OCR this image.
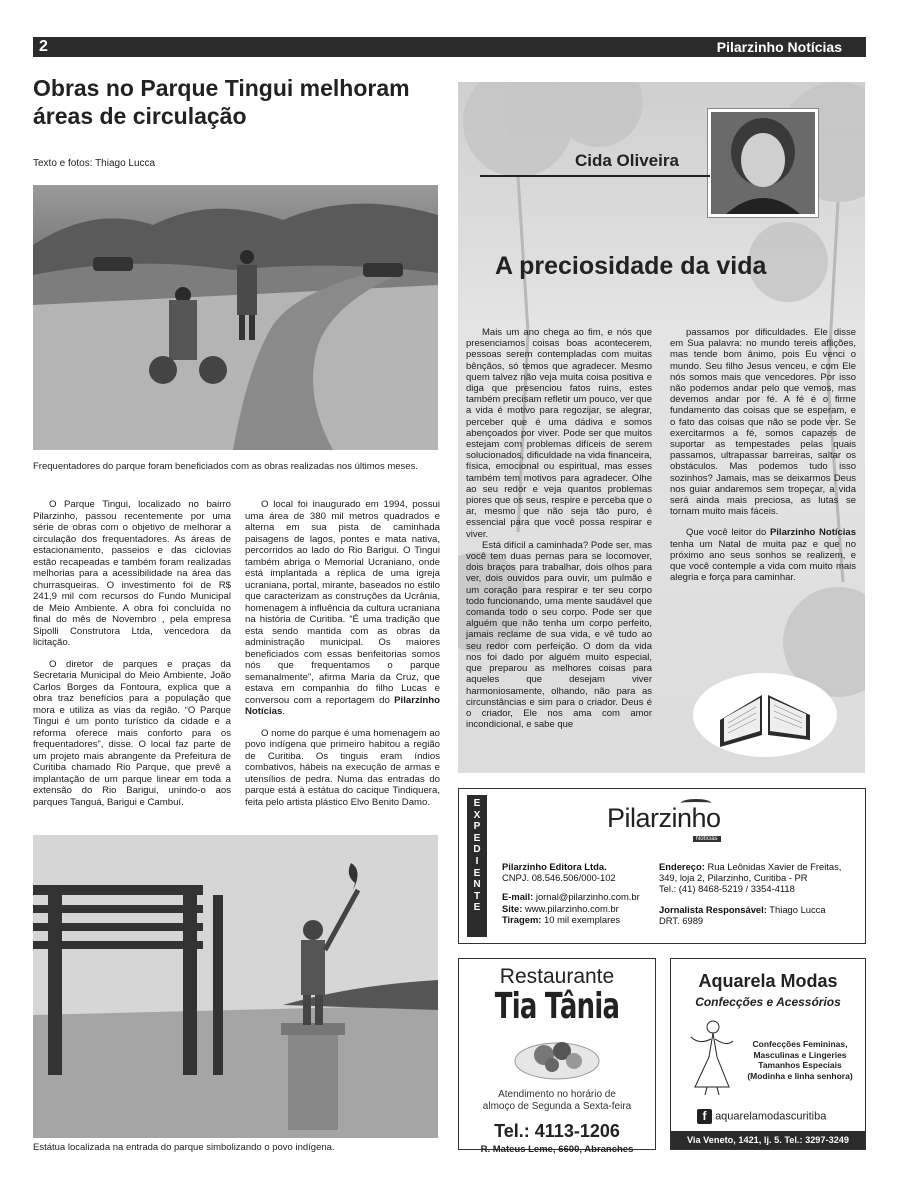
2	Pilarzinho Notícias
Obras no Parque Tingui melhoram áreas de circulação
Texto e fotos: Thiago Lucca
Frequentadores do parque foram beneficiados com as obras realizadas nos últimos meses.

O Parque Tingui, localizado no bairro Pilarzinho, passou recentemente por uma série de obras com o objetivo de melhorar a circulação dos frequentadores. As áreas de estacionamento, passeios e das ciclovias estão recapeadas e também foram realizadas melhorias para a acessibilidade na área das churrasqueiras. O investimento foi de R$ 241,9 mil com recursos do Fundo Municipal de Meio Ambiente. A obra foi concluída no final do mês de Novembro , pela empresa Sipolli Construtora Ltda, vencedora da licitação.

O diretor de parques e praças da Secretaria Municipal do Meio Ambiente, João Carlos Borges da Fontoura, explica que a obra traz benefícios para a população que mora e utiliza as vias da região. “O Parque Tingui é um ponto turístico da cidade e a reforma oferece mais conforto para os frequentadores”, disse. O local faz parte de um projeto mais abrangente da Prefeitura de Curitiba chamado Rio Parque, que prevê a implantação de um parque linear em toda a extensão do Rio Barigui, unindo-o aos parques Tanguá, Barigui e Cambuí.

O local foi inaugurado em 1994, possui uma área de 380 mil metros quadrados e alterna em sua pista de caminhada paisagens de lagos, pontes e mata nativa, percorridos ao lado do Rio Barigui. O Tingui também abriga o Memorial Ucraniano, onde está implantada a réplica de uma igreja ucraniana, portal, mirante, baseados no estilo que caracterizam as construções da Ucrânia, homenagem à influência da cultura ucraniana na história de Curitiba. “É uma tradição que esta sendo mantida com as obras da administração municipal. Os maiores beneficiados com essas benfeitorias somos nós que frequentamos o parque semanalmente”, afirma Maria da Cruz, que estava em companhia do filho Lucas e conversou com a reportagem do Pilarzinho Notícias.

O nome do parque é uma homenagem ao povo indígena que primeiro habitou a região de Curitiba. Os tinguis eram índios combativos, hábeis na execução de armas e utensílios de pedra. Numa das entradas do parque está à estátua do cacique Tindiquera, feita pelo artista plástico Elvo Benito Damo.

Estátua localizada na entrada do parque simbolizando o povo indígena.
Cida Oliveira
A preciosidade da vida

Mais um ano chega ao fim, e nós que presenciamos coisas boas acontecerem, pessoas serem contempladas com muitas bênçãos, só temos que agradecer. Mesmo quem talvez não veja muita coisa positiva e diga que presenciou fatos ruins, estes também precisam refletir um pouco, ver que a vida é motivo para regozijar, se alegrar, perceber que é uma dádiva e somos abençoados por viver. Pode ser que muitos estejam com problemas difíceis de serem solucionados, dificuldade na vida financeira, física, emocional ou espiritual, mas esses também tem motivos para agradecer. Olhe ao seu redor e veja quantos problemas piores que os seus, respire e perceba que o ar, mesmo que não seja tão puro, é essencial para que você possa respirar e viver.

Está difícil a caminhada? Pode ser, mas você tem duas pernas para se locomover, dois braços para trabalhar, dois olhos para ver, dois ouvidos para ouvir, um pulmão e um coração para respirar e ter seu corpo todo funcionando, uma mente saudável que comanda todo o seu corpo. Pode ser que alguém que não tenha um corpo perfeito, jamais reclame de sua vida, e vê tudo ao seu redor com perfeição. O dom da vida nos foi dado por alguém muito especial, que preparou as melhores coisas para aqueles que desejam viver harmoniosamente, olhando, não para as circunstâncias e sim para o criador. Deus é o criador, Ele nos ama com amor incondicional, e sabe que

passamos por dificuldades. Ele disse em Sua palavra: no mundo tereis aflições, mas tende bom ânimo, pois Eu venci o mundo. Seu filho Jesus venceu, e com Ele nós somos mais que vencedores. Por isso não podemos andar pelo que vemos, mas devemos andar por fé. A fé é o firme fundamento das coisas que se esperam, e o fato das coisas que não se pode ver. Se exercitarmos a fé, somos capazes de suportar as tempestades pelas quais passamos, ultrapassar barreiras, saltar os obstáculos. Mas podemos tudo isso sozinhos? Jamais, mas se deixarmos Deus nos guiar andaremos sem tropeçar, a vida será ainda mais preciosa, as lutas se tornam muito mais fáceis.

Que você leitor do Pilarzinho Notícias tenha um Natal de muita paz e que no próximo ano seus sonhos se realizem, e que você contemple a vida com muito mais alegria e força para caminhar.

E
X
P
E
D
I
E
N
T
E
Pilarzinho
Notícias
Pilarzinho Editora Ltda.
CNPJ. 08.546.506/000-102
E-mail: jornal@pilarzinho.com.br
Site: www.pilarzinho.com.br
Tiragem: 10 mil exemplares
Endereço: Rua Leônidas Xavier de Freitas, 349, loja 2, Pilarzinho, Curitiba - PR
Tel.: (41) 8468-5219 / 3354-4118
Jornalista Responsável: Thiago Lucca
DRT. 6989
Restaurante
Tia Tânia
Atendimento no horário de almoço de Segunda a Sexta-feira
Tel.: 4113-1206
R. Mateus Leme, 6600, Abranches
Aquarela Modas
Confecções e Acessórios
Confecções Femininas,
Masculinas e Lingeries
Tamanhos Especiais
(Modinha e linha senhora)
f aquarelamodascuritiba
Via Veneto, 1421, lj. 5. Tel.: 3297-3249
